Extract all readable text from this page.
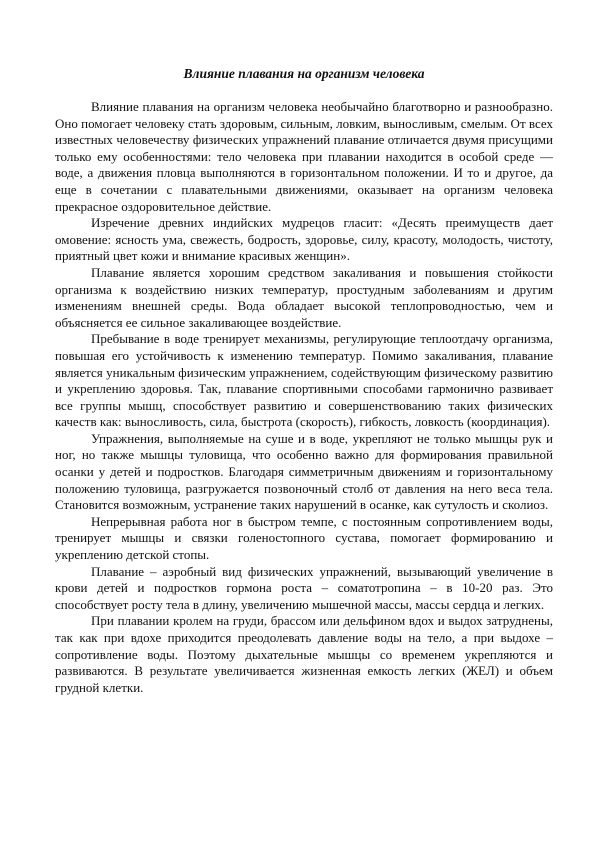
Влияние плавания на организм человека

Влияние плавания на организм человека необычайно благотворно и разнообразно. Оно помогает человеку стать здоровым, сильным, ловким, выносливым, смелым. От всех известных человечеству физических упражнений плавание отличается двумя присущими только ему особенностями: тело человека при плавании находится в особой среде — воде, а движения пловца выполняются в горизонтальном положении. И то и другое, да еще в сочетании с плавательными движениями, оказывает на организм человека прекрасное оздоровительное действие.

Изречение древних индийских мудрецов гласит: «Десять преимуществ дает омовение: ясность ума, свежесть, бодрость, здоровье, силу, красоту, молодость, чистоту, приятный цвет кожи и внимание красивых женщин».

Плавание является хорошим средством закаливания и повышения стойкости организма к воздействию низких температур, простудным заболеваниям и другим изменениям внешней среды. Вода обладает высокой теплопроводностью, чем и объясняется ее сильное закаливающее воздействие.

Пребывание в воде тренирует механизмы, регулирующие теплоотдачу организма, повышая его устойчивость к изменению температур. Помимо закаливания, плавание является уникальным физическим упражнением, содействующим физическому развитию и укреплению здоровья. Так, плавание спортивными способами гармонично развивает все группы мышц, способствует развитию и совершенствованию таких физических качеств как: выносливость, сила, быстрота (скорость), гибкость, ловкость (координация).

Упражнения, выполняемые на суше и в воде, укрепляют не только мышцы рук и ног, но также мышцы туловища, что особенно важно для формирования правильной осанки у детей и подростков. Благодаря симметричным движениям и горизонтальному положению туловища, разгружается позвоночный столб от давления на него веса тела. Становится возможным, устранение таких нарушений в осанке, как сутулость и сколиоз.

Непрерывная работа ног в быстром темпе, с постоянным сопротивлением воды, тренирует мышцы и связки голеностопного сустава, помогает формированию и укреплению детской стопы.

Плавание – аэробный вид физических упражнений, вызывающий увеличение в крови детей и подростков гормона роста – соматотропина – в 10-20 раз. Это способствует росту тела в длину, увеличению мышечной массы, массы сердца и легких.

При плавании кролем на груди, брассом или дельфином вдох и выдох затруднены, так как при вдохе приходится преодолевать давление воды на тело, а при выдохе – сопротивление воды. Поэтому дыхательные мышцы со временем укрепляются и развиваются. В результате увеличивается жизненная емкость легких (ЖЕЛ) и объем грудной клетки.
